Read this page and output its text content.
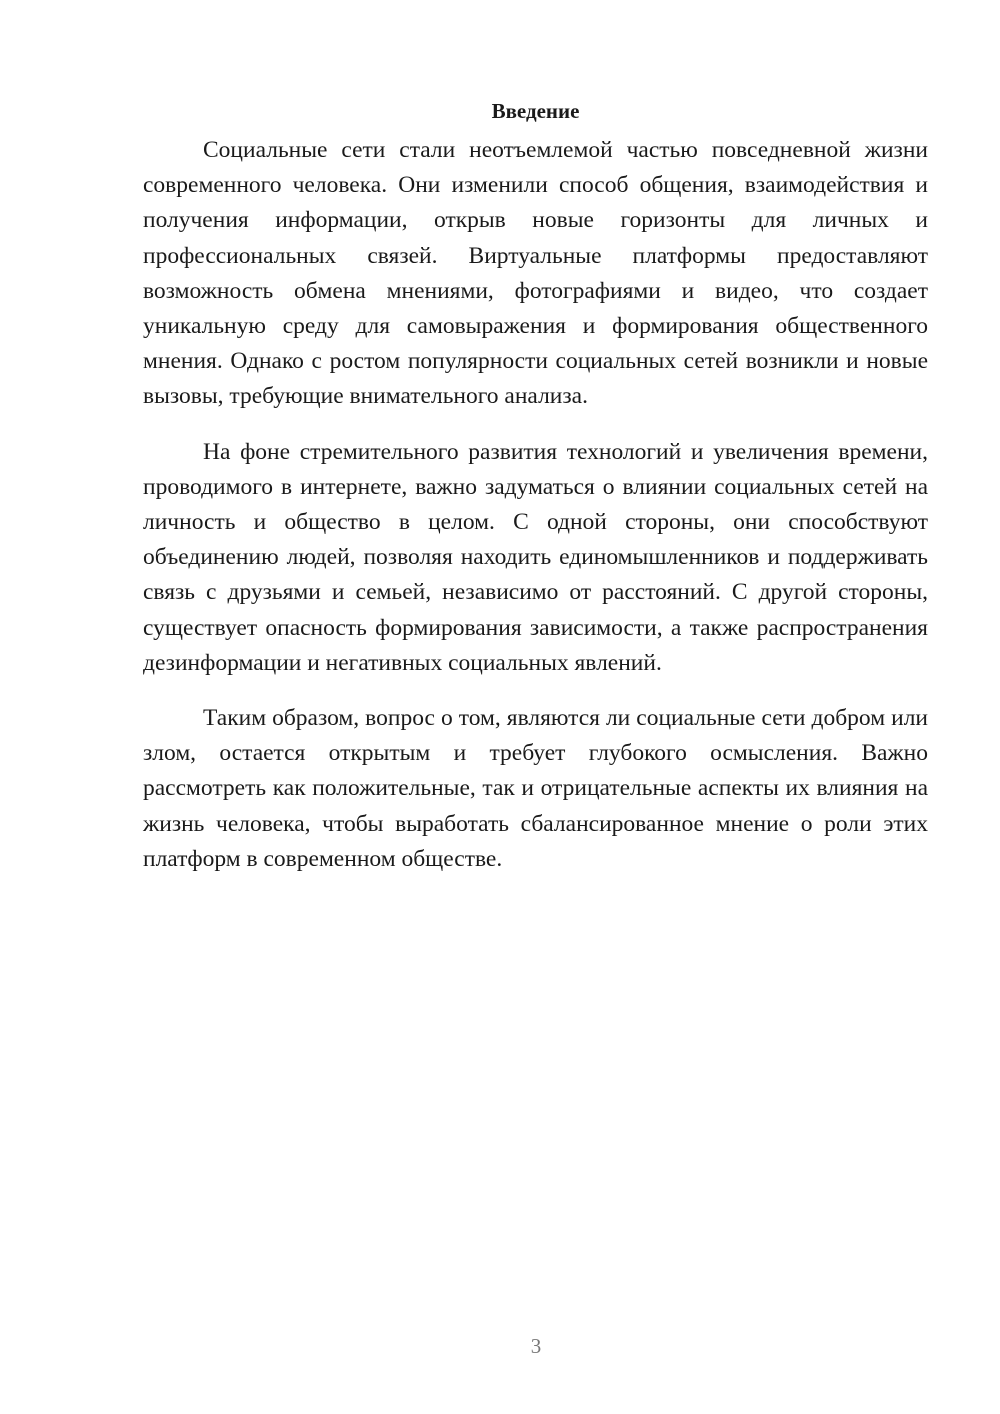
Введение

Социальные сети стали неотъемлемой частью повседневной жизни современного человека. Они изменили способ общения, взаимодействия и получения информации, открыв новые горизонты для личных и профессиональных связей. Виртуальные платформы предоставляют возможность обмена мнениями, фотографиями и видео, что создает уникальную среду для самовыражения и формирования общественного мнения. Однако с ростом популярности социальных сетей возникли и новые вызовы, требующие внимательного анализа.

На фоне стремительного развития технологий и увеличения времени, проводимого в интернете, важно задуматься о влиянии социальных сетей на личность и общество в целом. С одной стороны, они способствуют объединению людей, позволяя находить единомышленников и поддерживать связь с друзьями и семьей, независимо от расстояний. С другой стороны, существует опасность формирования зависимости, а также распространения дезинформации и негативных социальных явлений.

Таким образом, вопрос о том, являются ли социальные сети добром или злом, остается открытым и требует глубокого осмысления. Важно рассмотреть как положительные, так и отрицательные аспекты их влияния на жизнь человека, чтобы выработать сбалансированное мнение о роли этих платформ в современном обществе.

3
